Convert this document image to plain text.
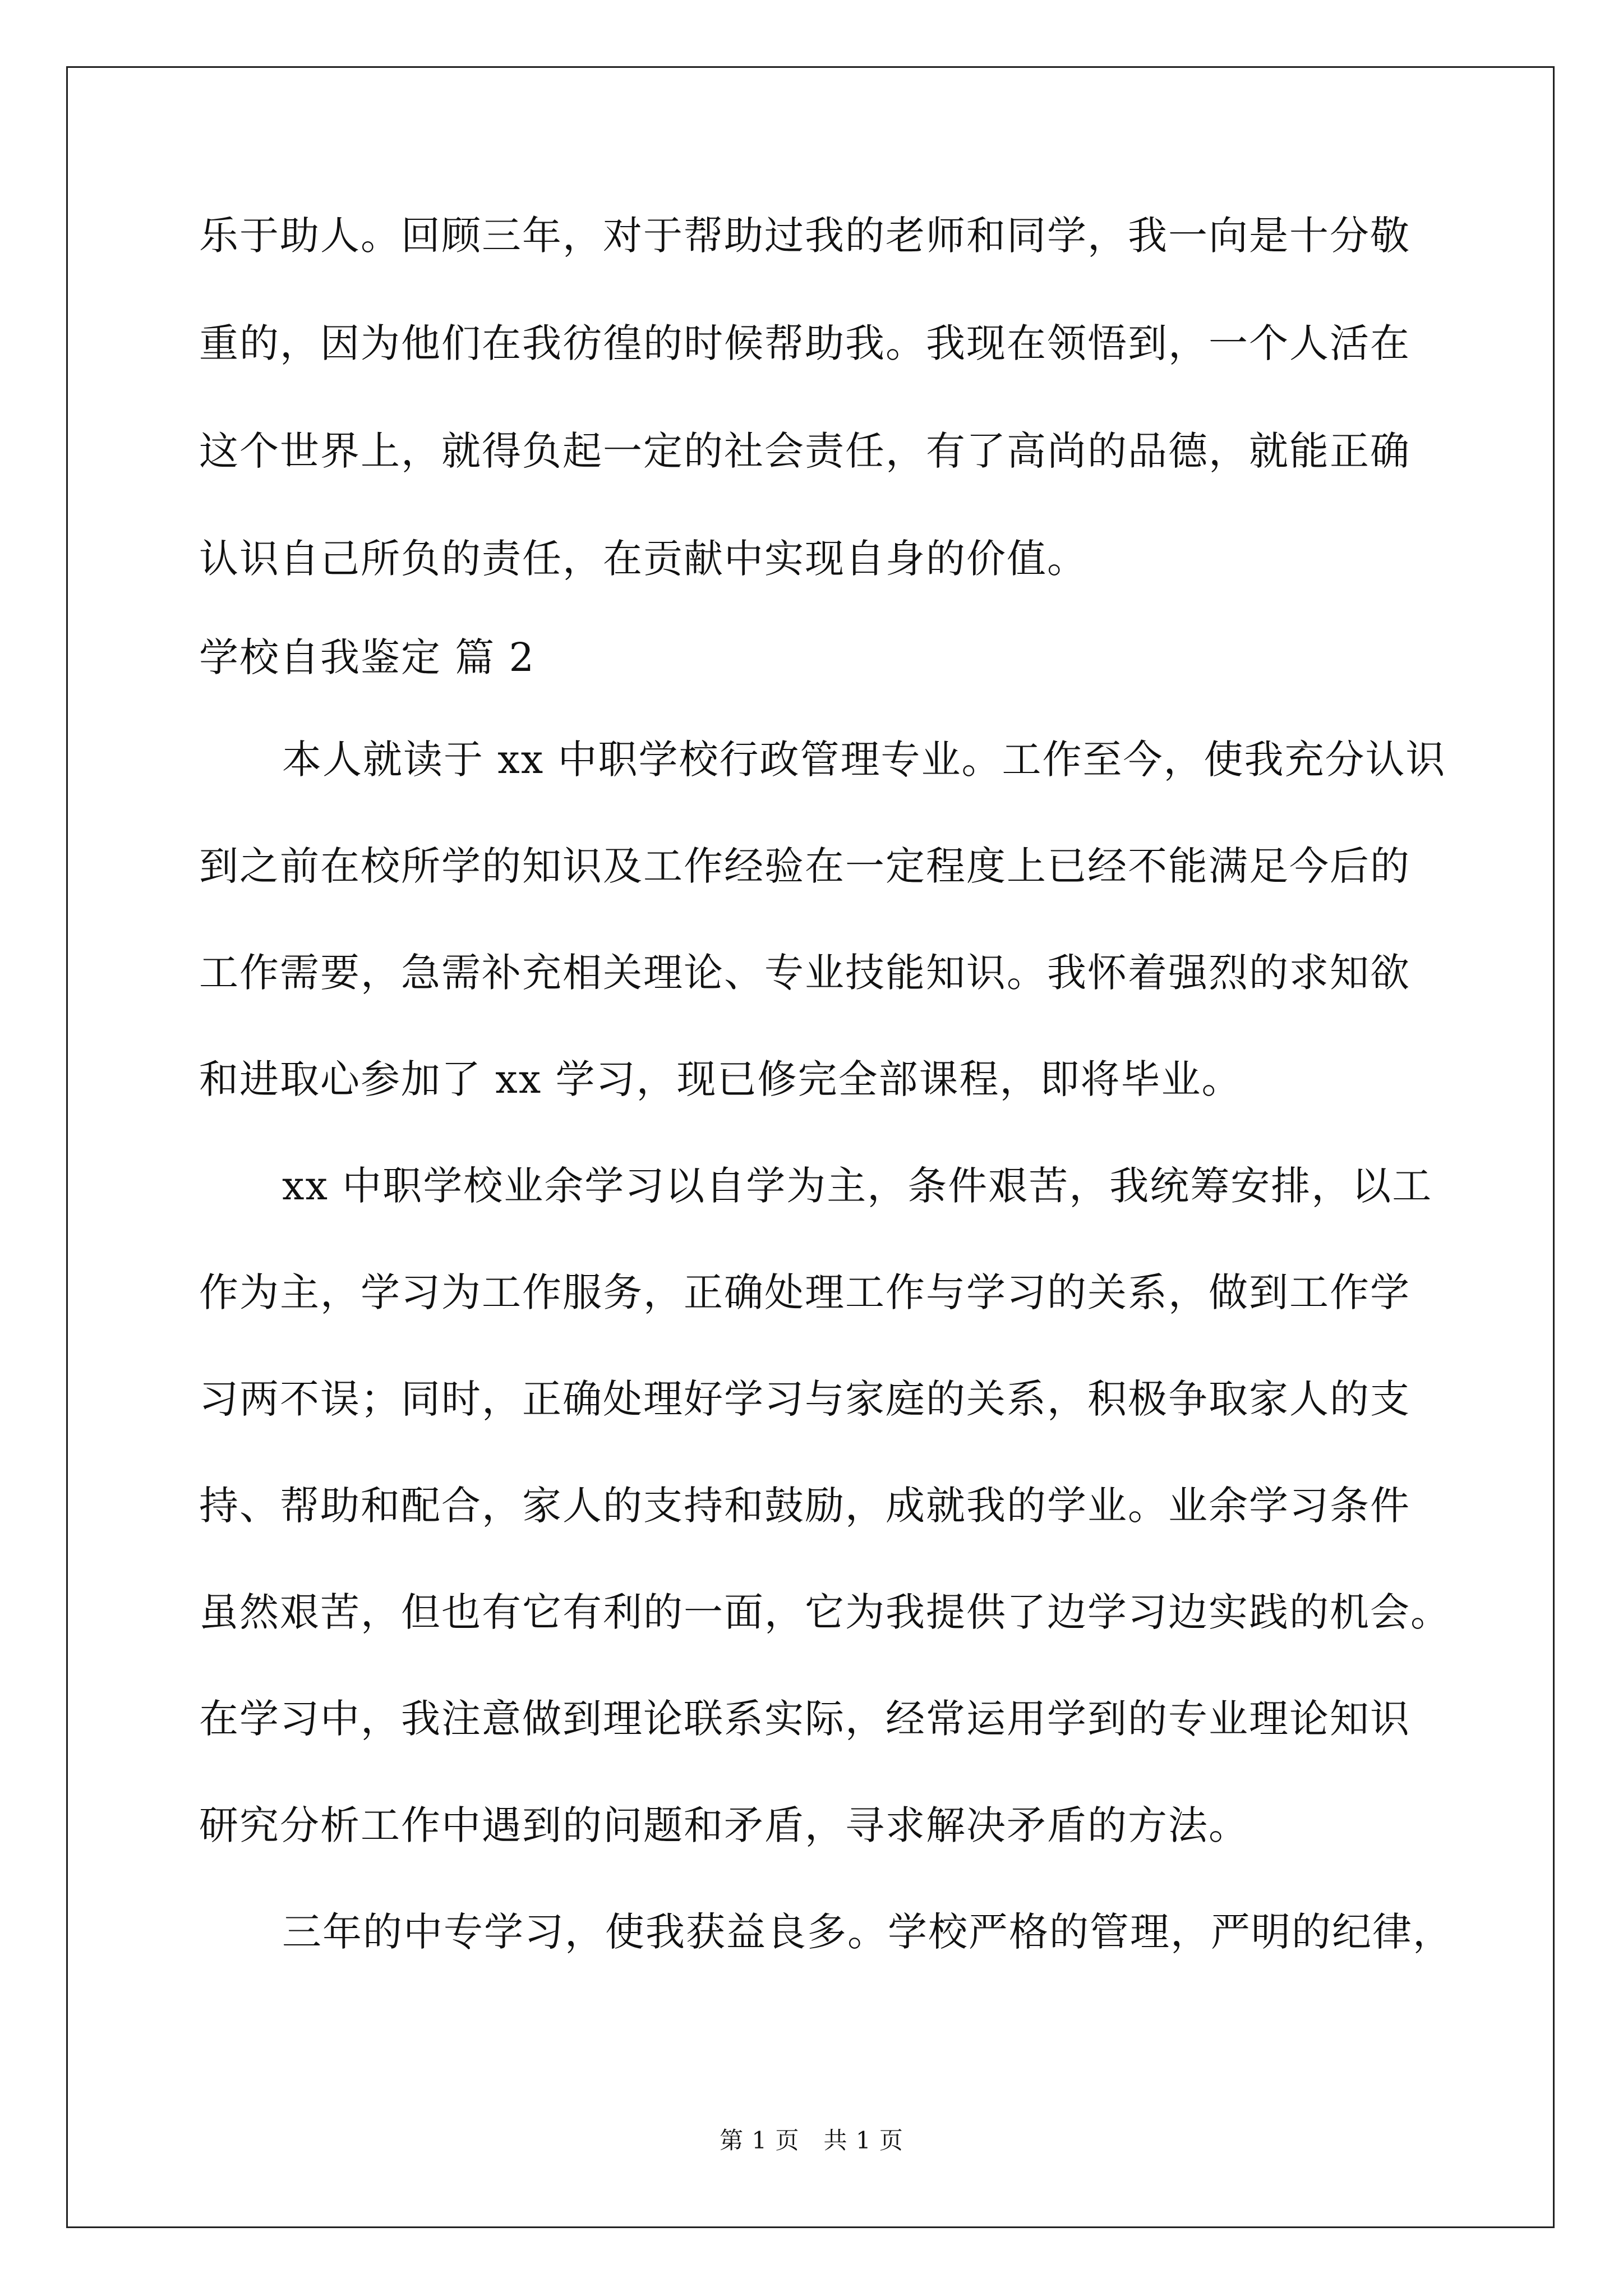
乐于助人。回顾三年，对于帮助过我的老师和同学，我一向是十分敬
重的，因为他们在我彷徨的时候帮助我。我现在领悟到，一个人活在
这个世界上，就得负起一定的社会责任，有了高尚的品德，就能正确
认识自己所负的责任，在贡献中实现自身的价值。
学校自我鉴定 篇 2
本人就读于 xx 中职学校行政管理专业。工作至今，使我充分认识
到之前在校所学的知识及工作经验在一定程度上已经不能满足今后的
工作需要，急需补充相关理论、专业技能知识。我怀着强烈的求知欲
和进取心参加了 xx 学习，现已修完全部课程，即将毕业。
xx 中职学校业余学习以自学为主，条件艰苦，我统筹安排，以工
作为主，学习为工作服务，正确处理工作与学习的关系，做到工作学
习两不误；同时，正确处理好学习与家庭的关系，积极争取家人的支
持、帮助和配合，家人的支持和鼓励，成就我的学业。业余学习条件
虽然艰苦，但也有它有利的一面，它为我提供了边学习边实践的机会。
在学习中，我注意做到理论联系实际，经常运用学到的专业理论知识
研究分析工作中遇到的问题和矛盾，寻求解决矛盾的方法。
三年的中专学习，使我获益良多。学校严格的管理，严明的纪律，
第 1 页　共 1 页
